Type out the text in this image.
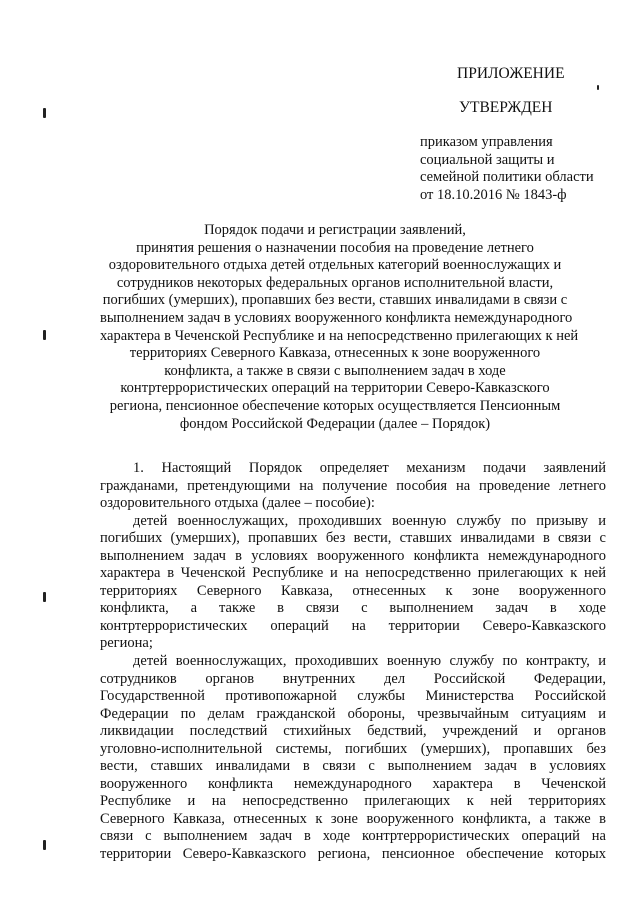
ПРИЛОЖЕНИЕ
УТВЕРЖДЕН
приказом управления
социальной защиты и
семейной политики области
от 18.10.2016 № 1843-ф
Порядок подачи и регистрации заявлений,
принятия решения о назначении пособия на проведение летнего
оздоровительного отдыха детей отдельных категорий военнослужащих и
сотрудников некоторых федеральных органов исполнительной власти,
погибших (умерших), пропавших без вести, ставших инвалидами в связи с
выполнением задач в условиях вооруженного конфликта немеждународного
характера в Чеченской Республике и на непосредственно прилегающих к ней
территориях Северного Кавказа, отнесенных к зоне вооруженного
конфликта, а также в связи с выполнением задач в ходе
контртеррористических операций на территории Северо-Кавказского
региона, пенсионное обеспечение которых осуществляется Пенсионным
фондом Российской Федерации (далее – Порядок)
1. Настоящий Порядок определяет механизм подачи заявлений
гражданами, претендующими на получение пособия на проведение летнего
оздоровительного отдыха (далее – пособие):
детей военнослужащих, проходивших военную службу по призыву и
погибших (умерших), пропавших без вести, ставших инвалидами в связи с
выполнением задач в условиях вооруженного конфликта немеждународного
характера в Чеченской Республике и на непосредственно прилегающих к ней
территориях Северного Кавказа, отнесенных к зоне вооруженного
конфликта, а также в связи с выполнением задач в ходе
контртеррористических операций на территории Северо-Кавказского
региона;
детей военнослужащих, проходивших военную службу по контракту, и
сотрудников органов внутренних дел Российской Федерации,
Государственной противопожарной службы Министерства Российской
Федерации по делам гражданской обороны, чрезвычайным ситуациям и
ликвидации последствий стихийных бедствий, учреждений и органов
уголовно-исполнительной системы, погибших (умерших), пропавших без
вести, ставших инвалидами в связи с выполнением задач в условиях
вооруженного конфликта немеждународного характера в Чеченской
Республике и на непосредственно прилегающих к ней территориях
Северного Кавказа, отнесенных к зоне вооруженного конфликта, а также в
связи с выполнением задач в ходе контртеррористических операций на
территории Северо-Кавказского региона, пенсионное обеспечение которых
